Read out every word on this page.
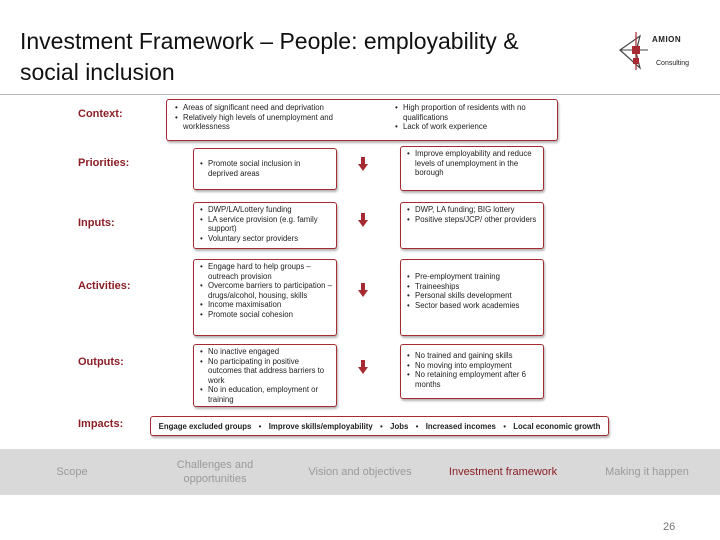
Investment Framework – People: employability &
social inclusion
AMION
Consulting
Context:
Priorities:
Inputs:
Activities:
Outputs:
Impacts:
• Areas of significant need and deprivation
• Relatively high levels of unemployment and worklessness
• High proportion of residents with no qualifications
• Lack of work experience
• Promote social inclusion in deprived areas
• Improve employability and reduce levels of unemployment in the borough
• DWP/LA/Lottery funding
• LA service provision (e.g. family support)
• Voluntary sector providers
• DWP, LA funding; BIG lottery
• Positive steps/JCP/ other providers
• Engage hard to help groups – outreach provision
• Overcome barriers to participation – drugs/alcohol, housing, skills
• Income maximisation
• Promote social cohesion
• Pre-employment training
• Traineeships
• Personal skills development
• Sector based work academies
• No inactive engaged
• No participating in positive outcomes that address barriers to work
• No in education, employment or training
• No trained and gaining skills
• No moving into employment
• No retaining employment after 6 months
Engage excluded groups • Improve skills/employability • Jobs • Increased incomes • Local economic growth
Scope
Challenges and opportunities
Vision and objectives	Investment framework	Making it happen
26
